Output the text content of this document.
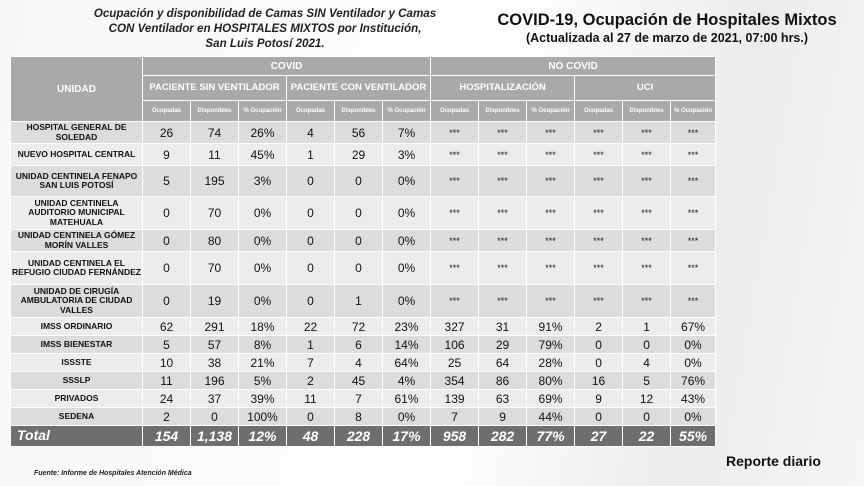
Ocupación y disponibilidad de Camas SIN Ventilador y Camas
CON Ventilador en HOSPITALES MIXTOS por Institución,
San Luis Potosí 2021.
COVID-19, Ocupación de Hospitales Mixtos
(Actualizada al 27 de marzo de 2021, 07:00 hrs.)
UNIDAD	COVID						NO COVID					
	PACIENTE SIN VENTILADOR			PACIENTE CON VENTILADOR			HOSPITALIZACIÓN			UCI		
	Ocupadas	Disponibles	% Ocupación	Ocupadas	Disponibles	% Ocupación	Ocupadas	Disponibles	% Ocupación	Ocupadas	Disponibles	% Ocupación
HOSPITAL GENERAL DE SOLEDAD	26	74	26%	4	56	7%	***	***	***	***	***	***
NUEVO HOSPITAL CENTRAL	9	11	45%	1	29	3%	***	***	***	***	***	***
UNIDAD CENTINELA FENAPO SAN LUIS POTOSÍ	5	195	3%	0	0	0%	***	***	***	***	***	***
UNIDAD CENTINELA AUDITORIO MUNICIPAL MATEHUALA	0	70	0%	0	0	0%	***	***	***	***	***	***
UNIDAD CENTINELA GÓMEZ MORÍN VALLES	0	80	0%	0	0	0%	***	***	***	***	***	***
UNIDAD CENTINELA EL REFUGIO CIUDAD FERNÁNDEZ	0	70	0%	0	0	0%	***	***	***	***	***	***
UNIDAD DE CIRUGÍA AMBULATORIA DE CIUDAD VALLES	0	19	0%	0	1	0%	***	***	***	***	***	***
IMSS ORDINARIO	62	291	18%	22	72	23%	327	31	91%	2	1	67%
IMSS BIENESTAR	5	57	8%	1	6	14%	106	29	79%	0	0	0%
ISSSTE	10	38	21%	7	4	64%	25	64	28%	0	4	0%
SSSLP	11	196	5%	2	45	4%	354	86	80%	16	5	76%
PRIVADOS	24	37	39%	11	7	61%	139	63	69%	9	12	43%
SEDENA	2	0	100%	0	8	0%	7	9	44%	0	0	0%
Total	154	1,138	12%	48	228	17%	958	282	77%	27	22	55%
Fuente: Informe de Hospitales Atención Médica
Reporte diario
